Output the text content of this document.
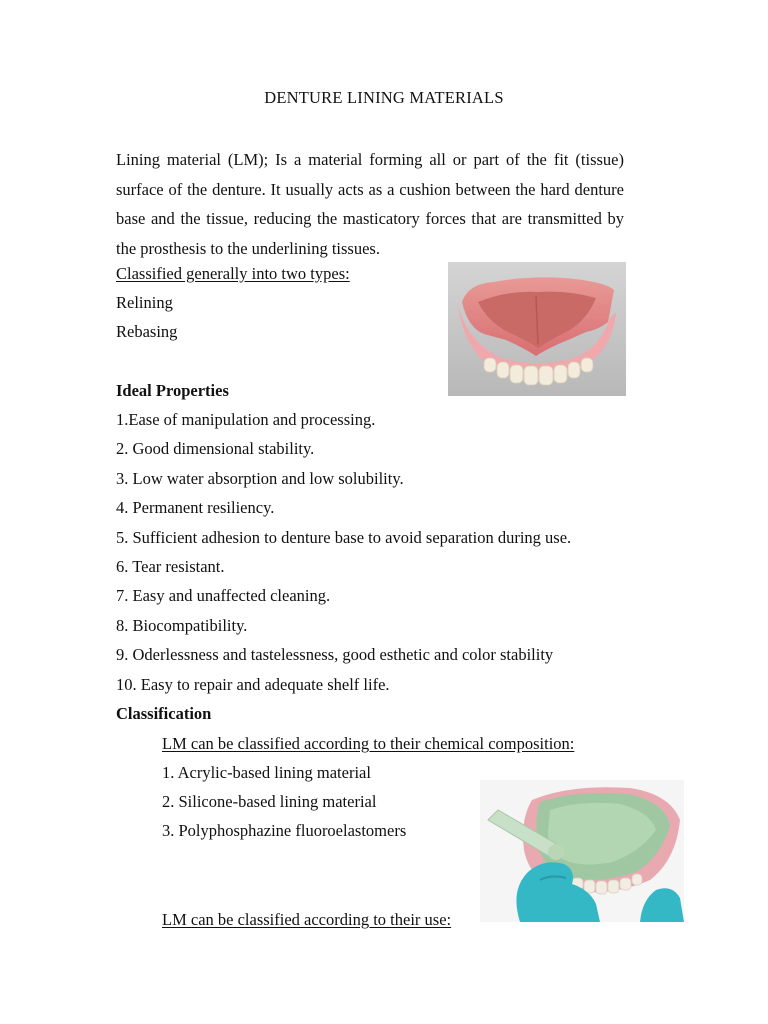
DENTURE LINING MATERIALS

Lining material (LM); Is a material forming all or part of the fit (tissue) surface of the denture. It usually acts as a cushion between the hard denture base and the tissue, reducing the masticatory forces that are transmitted by the prosthesis to the underlining tissues.

Classified generally into two types:
Relining
Rebasing
Ideal Properties
1.Ease of manipulation and processing.
2. Good dimensional stability.
3. Low water absorption and low solubility.
4. Permanent resiliency.
5. Sufficient adhesion to denture base to avoid separation during use.
6. Tear resistant.
7. Easy and unaffected cleaning.
8. Biocompatibility.
9. Oderlessness and tastelessness, good esthetic and color stability
10. Easy to repair and adequate shelf life.
Classification
LM can be classified according to their chemical composition:
1. Acrylic-based lining material
2. Silicone-based lining material
3. Polyphosphazine fluoroelastomers
LM can be classified according to their use:
